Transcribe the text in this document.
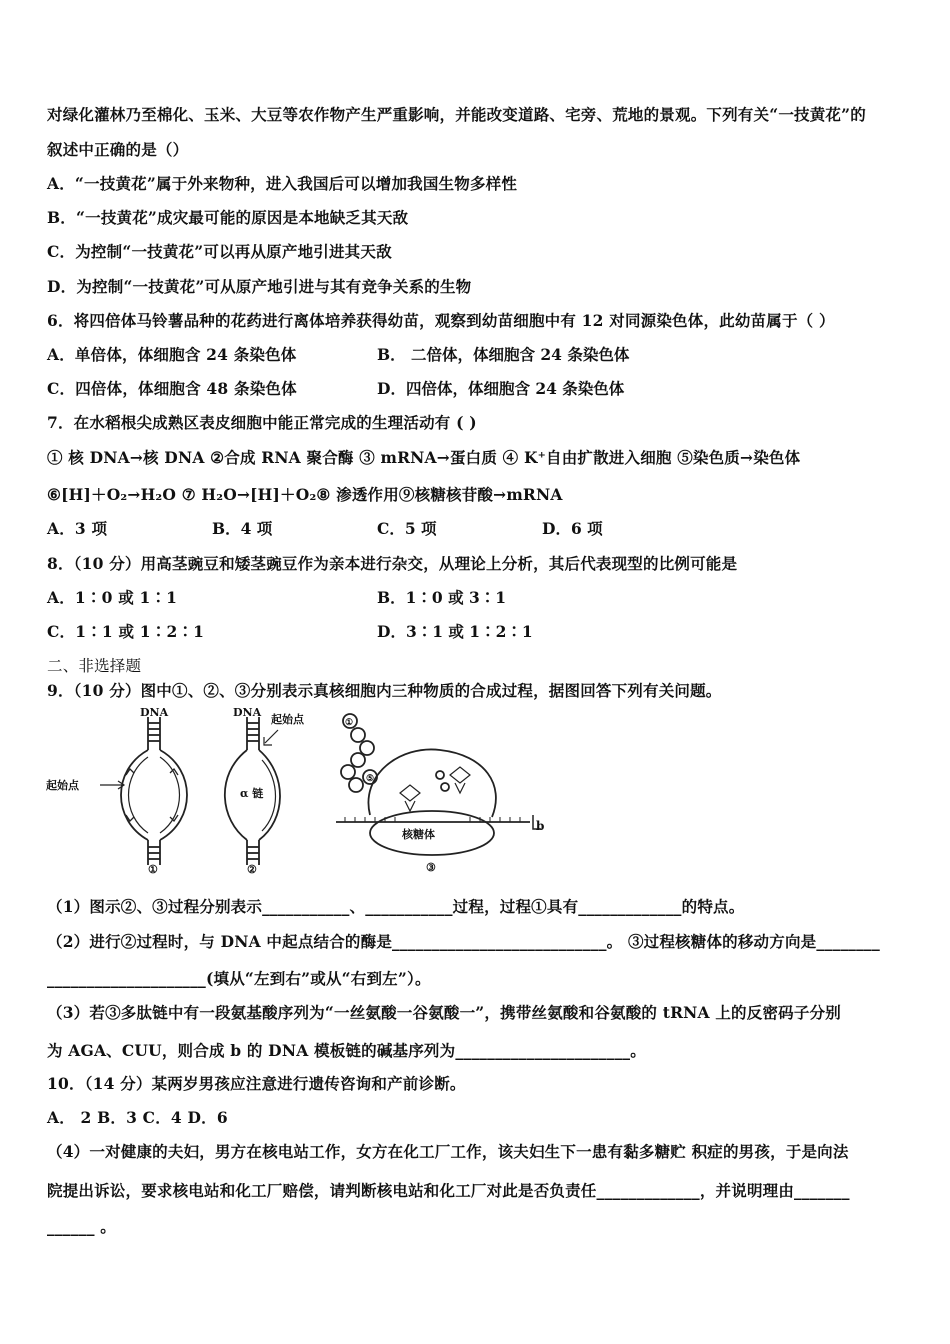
对绿化灌林乃至棉化、玉米、大豆等农作物产生严重影响，并能改变道路、宅旁、荒地的景观。下列有关“一技黄花”的
叙述中正确的是（）
A．“一技黄花”属于外来物种，进入我国后可以增加我国生物多样性
B．“一技黄花”成灾最可能的原因是本地缺乏其天敌
C．为控制“一技黄花”可以再从原产地引进其天敌
D．为控制“一技黄花”可从原产地引进与其有竞争关系的生物
6．将四倍体马铃薯品种的花药进行离体培养获得幼苗，观察到幼苗细胞中有 12 对同源染色体，此幼苗属于（ ）
A．单倍体，体细胞含 24 条染色体	B． 二倍体，体细胞含 24 条染色体
C．四倍体，体细胞含 48 条染色体	D．四倍体，体细胞含 24 条染色体
7．在水稻根尖成熟区表皮细胞中能正常完成的生理活动有 ( )
① 核 DNA→核 DNA ②合成 RNA 聚合酶 ③ mRNA→蛋白质 ④ K⁺自由扩散进入细胞 ⑤染色质→染色体
⑥[H]＋O₂→H₂O ⑦ H₂O→[H]＋O₂⑧ 渗透作用⑨核糖核苷酸→mRNA
A．3 项	B．4 项	C．5 项	D．6 项
8．（10 分）用高茎豌豆和矮茎豌豆作为亲本进行杂交，从理论上分析，其后代表现型的比例可能是
A．1∶0 或 1∶1	B．1∶0 或 3∶1
C．1∶1 或 1∶2∶1	D．3∶1 或 1∶2∶1
二、非选择题
9．（10 分）图中①、②、③分别表示真核细胞内三种物质的合成过程，据图回答下列有关问题。
DNA	DNA
起始点
起始点
α 链
核糖体
①	②	③
①
⑤
b
（1）图示②、③过程分别表示___________、___________过程，过程①具有_____________的特点。
（2）进行②过程时，与 DNA 中起点结合的酶是___________________________。 ③过程核糖体的移动方向是________
____________________(填从“左到右”或从“右到左”）。
（3）若③多肽链中有一段氨基酸序列为“一丝氨酸一谷氨酸一”，携带丝氨酸和谷氨酸的 tRNA 上的反密码子分别
为 AGA、CUU，则合成 b 的 DNA 模板链的碱基序列为______________________。
10．（14 分）某两岁男孩应注意进行遗传咨询和产前诊断。
A． 2 B．3 C．4 D．6
（4）一对健康的夫妇，男方在核电站工作，女方在化工厂工作，该夫妇生下一患有黏多糖贮 积症的男孩，于是向法
院提出诉讼，要求核电站和化工厂赔偿，请判断核电站和化工厂对此是否负责任_____________，并说明理由_______
______ 。
